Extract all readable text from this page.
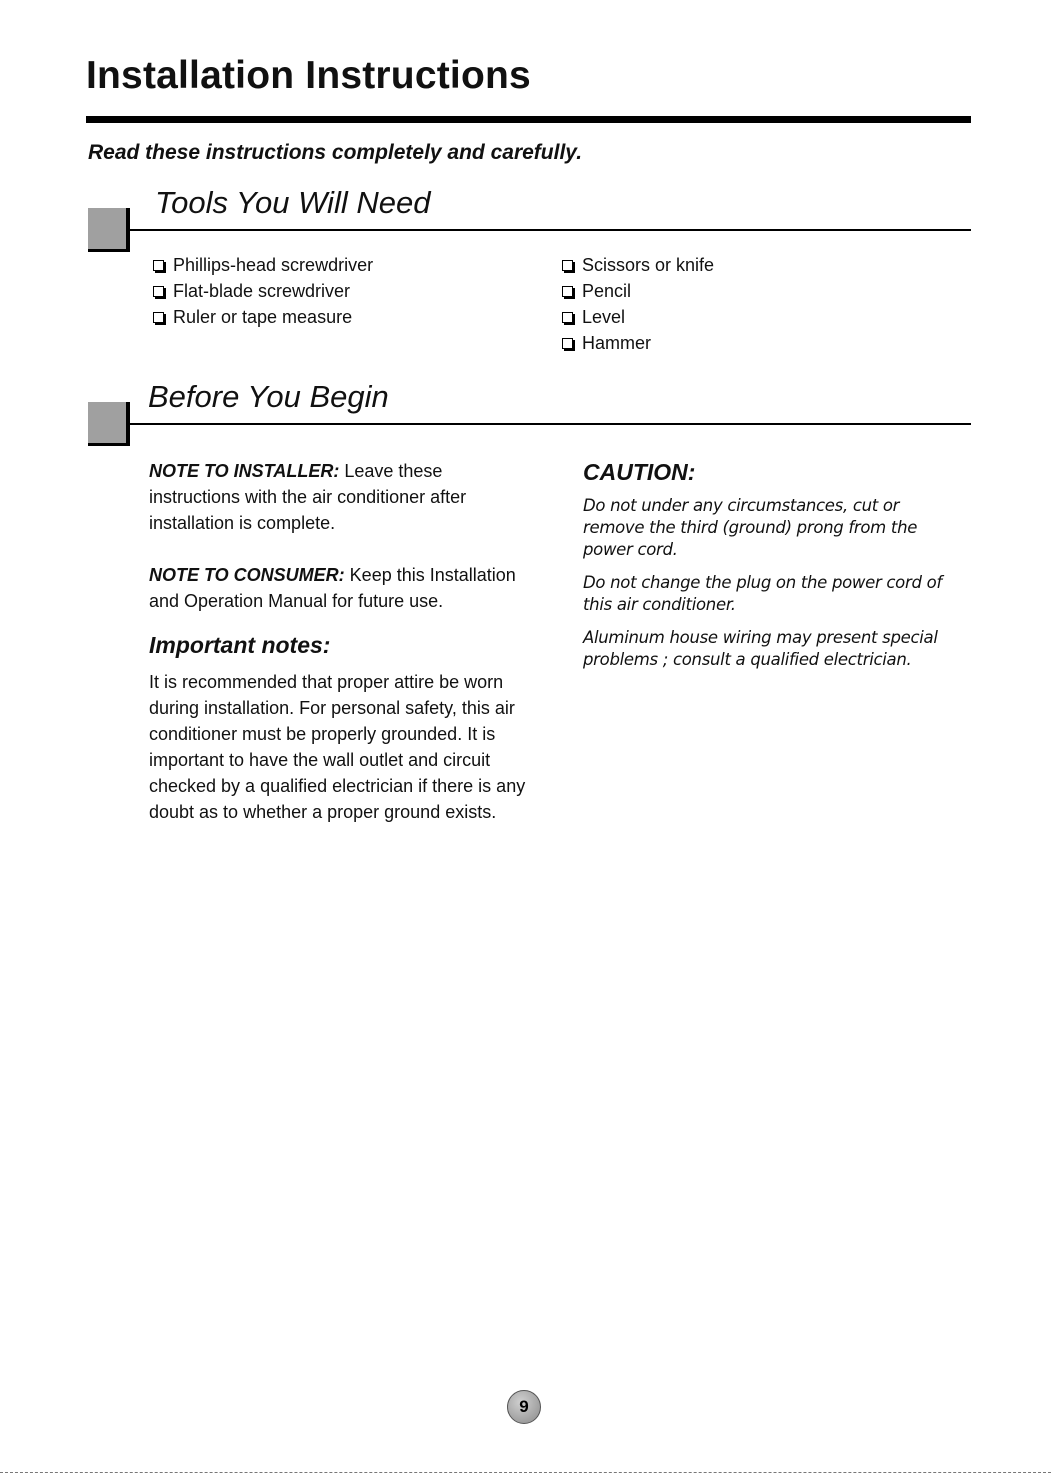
Installation Instructions
Read these instructions completely and carefully.
Tools You Will Need
Phillips-head screwdriver
Flat-blade screwdriver
Ruler or tape measure
Scissors or knife
Pencil
Level
Hammer
Before You Begin

NOTE TO INSTALLER: Leave these instructions with the air conditioner after installation is complete.

NOTE TO CONSUMER: Keep this Installation and Operation Manual for future use.

Important notes:

It is recommended that proper attire be worn during installation. For personal safety, this air conditioner must be properly grounded. It is important to have the wall outlet and circuit checked by a qualified electrician if there is any doubt as to whether a proper ground exists.

CAUTION:

Do not under any circumstances, cut or remove the third (ground) prong from the power cord.

Do not change the plug on the power cord of this air conditioner.

Aluminum house wiring may present special problems ; consult a qualified electrician.

9
